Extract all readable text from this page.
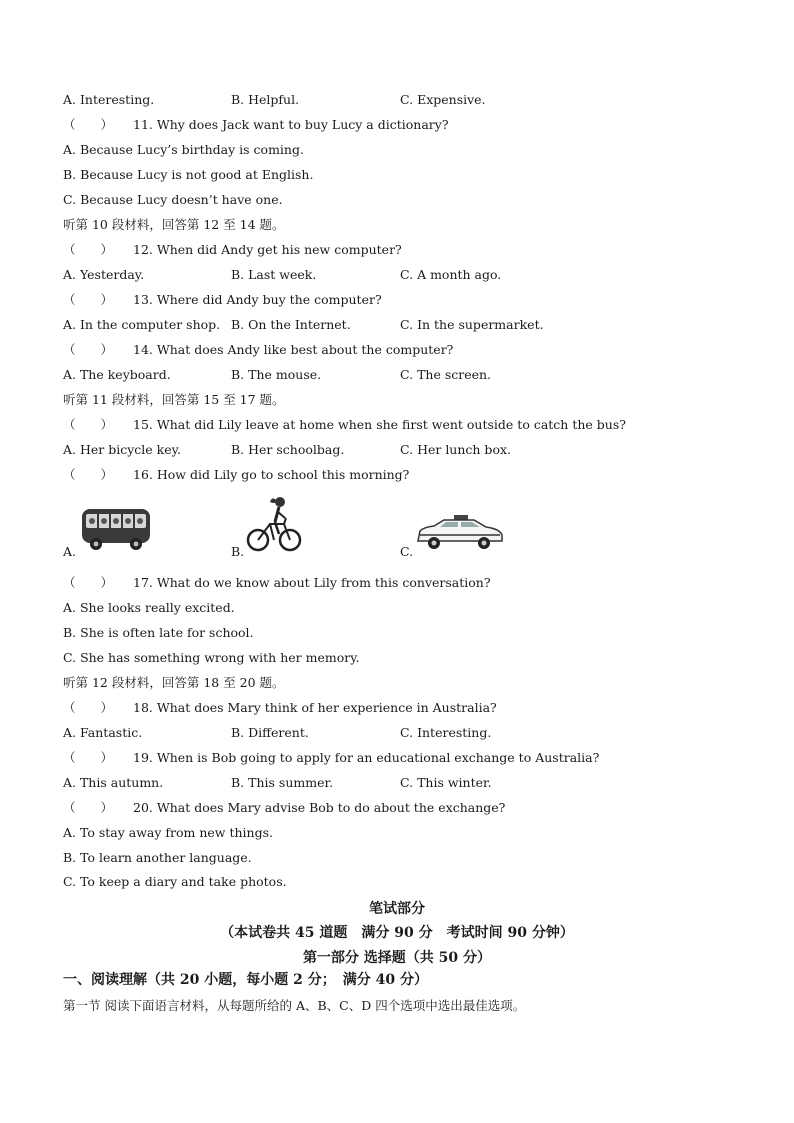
A. Interesting.	B. Helpful.	C. Expensive.
（　　） 11. Why does Jack want to buy Lucy a dictionary?
A. Because Lucy’s birthday is coming.
B. Because Lucy is not good at English.
C. Because Lucy doesn’t have one.
听第 10 段材料，回答第 12 至 14 题。
（　　） 12. When did Andy get his new computer?
A. Yesterday.	B. Last week.	C. A month ago.
（　　） 13. Where did Andy buy the computer?
A. In the computer shop. B. On the Internet.	C. In the supermarket.
（　　） 14. What does Andy like best about the computer?
A. The keyboard.	B. The mouse.	C. The screen.
听第 11 段材料，回答第 15 至 17 题。
（　　） 15. What did Lily leave at home when she first went outside to catch the bus?
A. Her bicycle key.	B. Her schoolbag.	C. Her lunch box.
（　　） 16. How did Lily go to school this morning?
A.	B.	C.
（　　） 17. What do we know about Lily from this conversation?
A. She looks really excited.
B. She is often late for school.
C. She has something wrong with her memory.
听第 12 段材料，回答第 18 至 20 题。
（　　） 18. What does Mary think of her experience in Australia?
A. Fantastic.	B. Different.	C. Interesting.
（　　） 19. When is Bob going to apply for an educational exchange to Australia?
A. This autumn.	B. This summer.	C. This winter.
（　　） 20. What does Mary advise Bob to do about the exchange?
A. To stay away from new things.
B. To learn another language.
C. To keep a diary and take photos.
笔试部分
（本试卷共 45 道题　满分 90 分　考试时间 90 分钟）
第一部分 选择题（共 50 分）
一、阅读理解（共 20 小题，每小题 2 分；　满分 40 分）
第一节 阅读下面语言材料，从每题所给的 A、B、C、D 四个选项中选出最佳选项。
